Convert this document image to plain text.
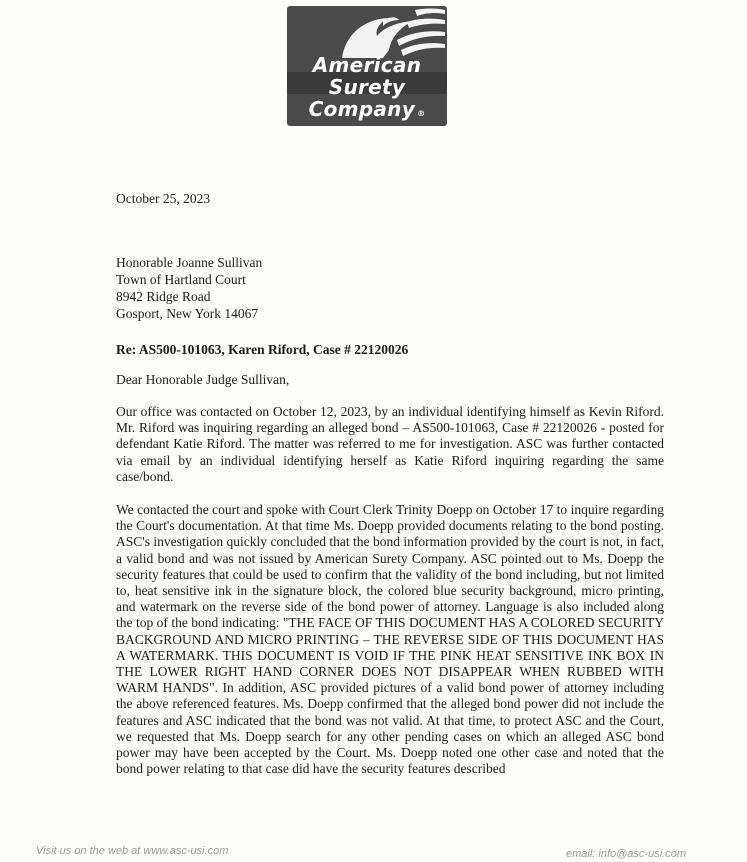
American
Surety
Company ®
October 25, 2023
Honorable Joanne Sullivan
Town of Hartland Court
8942 Ridge Road
Gosport, New York 14067
Re: AS500-101063, Karen Riford, Case # 22120026
Dear Honorable Judge Sullivan,
Our office was contacted on October 12, 2023, by an individual identifying himself as Kevin Riford. Mr. Riford was inquiring regarding an alleged bond – AS500-101063, Case # 22120026 - posted for defendant Katie Riford. The matter was referred to me for investigation. ASC was further contacted via email by an individual identifying herself as Katie Riford inquiring regarding the same case/bond.
We contacted the court and spoke with Court Clerk Trinity Doepp on October 17 to inquire regarding the Court's documentation. At that time Ms. Doepp provided documents relating to the bond posting. ASC's investigation quickly concluded that the bond information provided by the court is not, in fact, a valid bond and was not issued by American Surety Company. ASC pointed out to Ms. Doepp the security features that could be used to confirm that the validity of the bond including, but not limited to, heat sensitive ink in the signature block, the colored blue security background, micro printing, and watermark on the reverse side of the bond power of attorney. Language is also included along the top of the bond indicating: "THE FACE OF THIS DOCUMENT HAS A COLORED SECURITY BACKGROUND AND MICRO PRINTING – THE REVERSE SIDE OF THIS DOCUMENT HAS A WATERMARK. THIS DOCUMENT IS VOID IF THE PINK HEAT SENSITIVE INK BOX IN THE LOWER RIGHT HAND CORNER DOES NOT DISAPPEAR WHEN RUBBED WITH WARM HANDS". In addition, ASC provided pictures of a valid bond power of attorney including the above referenced features. Ms. Doepp confirmed that the alleged bond power did not include the features and ASC indicated that the bond was not valid. At that time, to protect ASC and the Court, we requested that Ms. Doepp search for any other pending cases on which an alleged ASC bond power may have been accepted by the Court. Ms. Doepp noted one other case and noted that the bond power relating to that case did have the security features described
Visit us on the web at www.asc-usi.com	email: info@asc-usi.com
